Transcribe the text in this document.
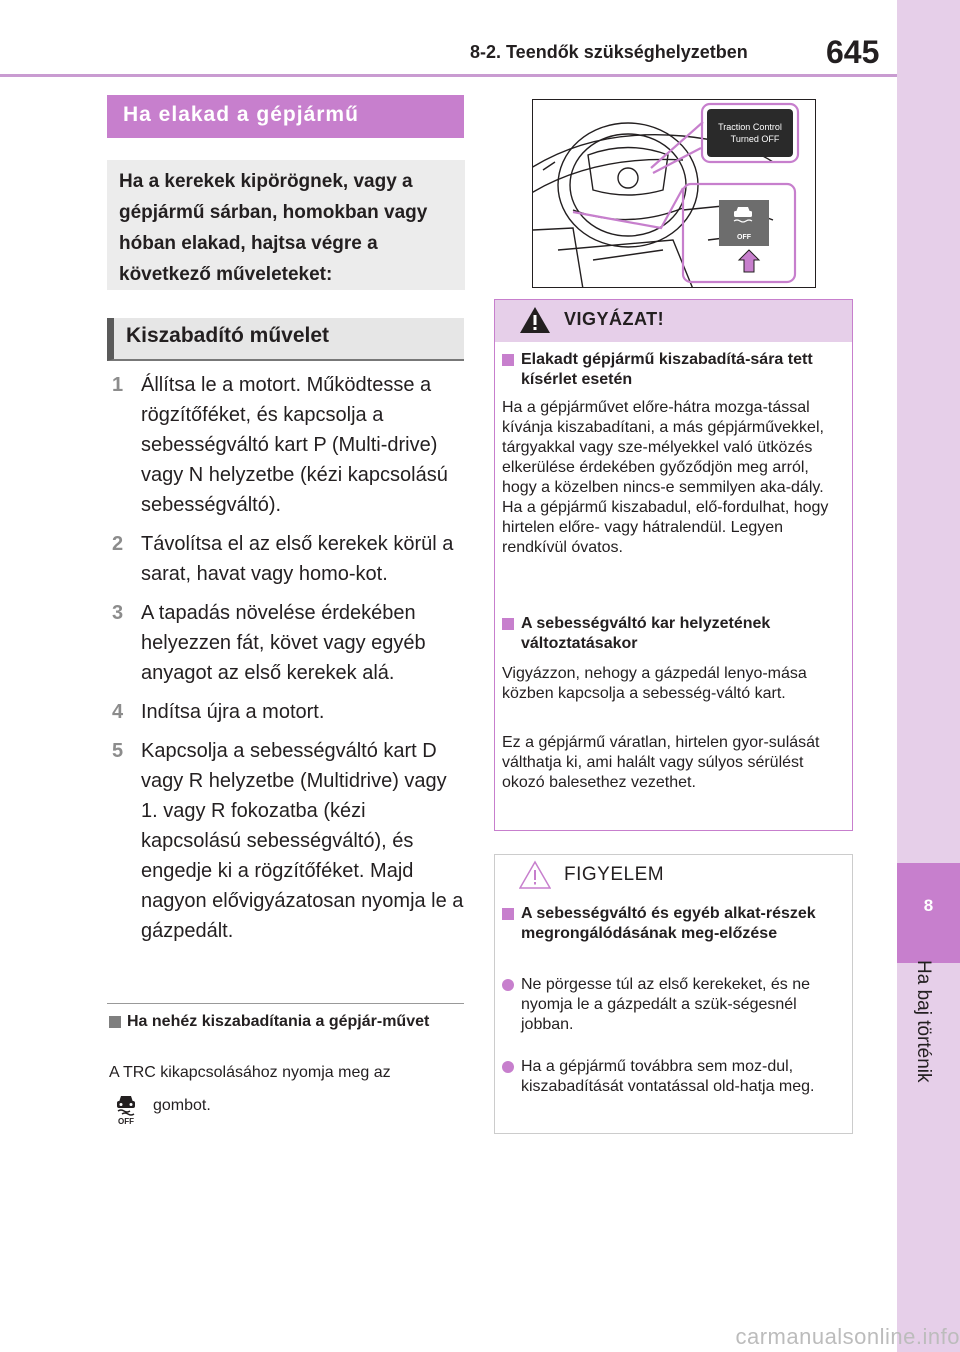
8-2. Teendők szükséghelyzetben 645
8
Ha baj történik
Ha elakad a gépjármű
Ha a kerekek kipörögnek, vagy a gépjármű sárban, homokban vagy hóban elakad, hajtsa végre a következő műveleteket:
Kiszabadító művelet
1 Állítsa le a motort. Működtesse a rögzítőféket, és kapcsolja a sebességváltó kart P (Multi-drive) vagy N helyzetbe (kézi kapcsolású sebességváltó).
2 Távolítsa el az első kerekek körül a sarat, havat vagy homo-kot.
3 A tapadás növelése érdekében helyezzen fát, követ vagy egyéb anyagot az első kerekek alá.
4 Indítsa újra a motort.
5 Kapcsolja a sebességváltó kart D vagy R helyzetbe (Multidrive) vagy 1. vagy R fokozatba (kézi kapcsolású sebességváltó), és engedje ki a rögzítőféket. Majd nagyon elővigyázatosan nyomja le a gázpedált.
Ha nehéz kiszabadítania a gépjár-művet
A TRC kikapcsolásához nyomja meg az
OFF
gombot.
Traction Control
Turned OFF
OFF
VIGYÁZAT!
Elakadt gépjármű kiszabadítá-sára tett kísérlet esetén
Ha a gépjárművet előre-hátra mozga-tással kívánja kiszabadítani, a más gépjárművekkel, tárgyakkal vagy sze-mélyekkel való ütközés elkerülése érdekében győződjön meg arról, hogy a közelben nincs-e semmilyen aka-dály. Ha a gépjármű kiszabadul, elő-fordulhat, hogy hirtelen előre- vagy hátralendül. Legyen rendkívül óvatos.
A sebességváltó kar helyzetének változtatásakor
Vigyázzon, nehogy a gázpedál lenyo-mása közben kapcsolja a sebesség-váltó kart.
Ez a gépjármű váratlan, hirtelen gyor-sulását válthatja ki, ami halált vagy súlyos sérülést okozó balesethez vezethet.
FIGYELEM
A sebességváltó és egyéb alkat-részek megrongálódásának meg-előzése
Ne pörgesse túl az első kerekeket, és ne nyomja le a gázpedált a szük-ségesnél jobban.
Ha a gépjármű továbbra sem moz-dul, kiszabadítását vontatással old-hatja meg.
carmanualsonline.info
